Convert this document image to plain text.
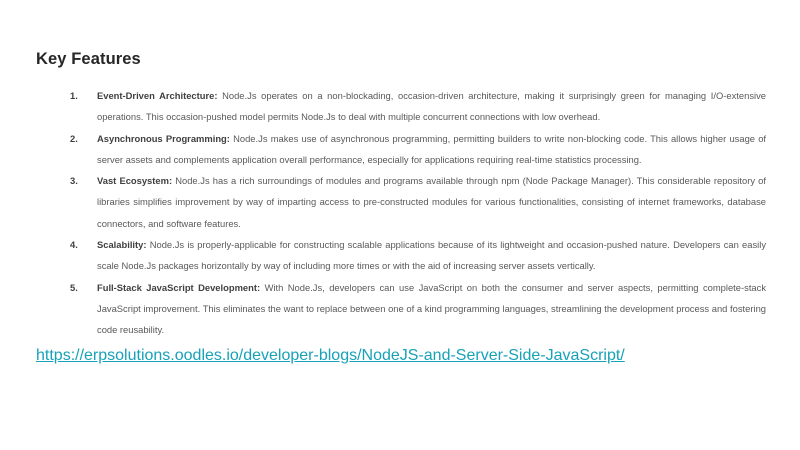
Key Features
1.	Event-Driven Architecture: Node.Js operates on a non-blockading, occasion-driven architecture, making it surprisingly green for managing I/O-extensive operations. This occasion-pushed model permits Node.Js to deal with multiple concurrent connections with low overhead.
2.	Asynchronous Programming: Node.Js makes use of asynchronous programming, permitting builders to write non-blocking code. This allows higher usage of server assets and complements application overall performance, especially for applications requiring real-time statistics processing.
3.	Vast Ecosystem: Node.Js has a rich surroundings of modules and programs available through npm (Node Package Manager). This considerable repository of libraries simplifies improvement by way of imparting access to pre-constructed modules for various functionalities, consisting of internet frameworks, database connectors, and software features.
4.	Scalability: Node.Js is properly-applicable for constructing scalable applications because of its lightweight and occasion-pushed nature. Developers can easily scale Node.Js packages horizontally by way of including more times or with the aid of increasing server assets vertically.
5.	Full-Stack JavaScript Development: With Node.Js, developers can use JavaScript on both the consumer and server aspects, permitting complete-stack JavaScript improvement. This eliminates the want to replace between one of a kind programming languages, streamlining the development process and fostering code reusability.
https://erpsolutions.oodles.io/developer-blogs/NodeJS-and-Server-Side-JavaScript/
